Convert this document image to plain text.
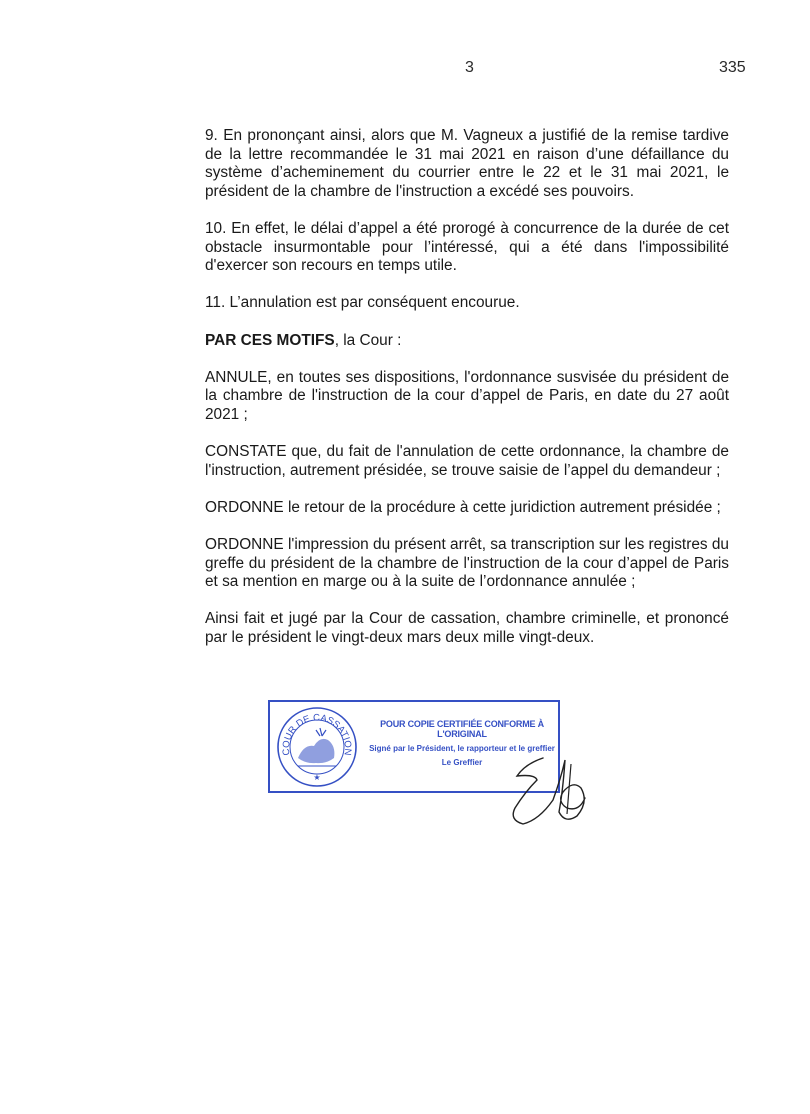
3	335

9. En prononçant ainsi, alors que M. Vagneux a justifié de la remise tardive de la lettre recommandée le 31 mai 2021 en raison d’une défaillance du système d’acheminement du courrier entre le 22 et le 31 mai 2021, le président de la chambre de l'instruction a excédé ses pouvoirs.

10. En effet, le délai d’appel a été prorogé à concurrence de la durée de cet obstacle insurmontable pour l’intéressé, qui a été dans l'impossibilité d'exercer son recours en temps utile.

11. L’annulation est par conséquent encourue.

PAR CES MOTIFS, la Cour :

ANNULE, en toutes ses dispositions, l'ordonnance susvisée du président de la chambre de l'instruction de la cour d’appel de Paris, en date du 27 août 2021 ;

CONSTATE que, du fait de l'annulation de cette ordonnance, la chambre de l'instruction, autrement présidée, se trouve saisie de l’appel du demandeur ;

ORDONNE le retour de la procédure à cette juridiction autrement présidée ;

ORDONNE l'impression du présent arrêt, sa transcription sur les registres du greffe du président de la chambre de l'instruction de la cour d’appel de Paris et sa mention en marge ou à la suite de l’ordonnance annulée ;

Ainsi fait et jugé par la Cour de cassation, chambre criminelle, et prononcé par le président le vingt-deux mars deux mille vingt-deux.

COUR DE CASSATION
★
POUR COPIE CERTIFIÉE CONFORME À L'ORIGINAL
Signé par le Président, le rapporteur et le greffier
Le Greffier
